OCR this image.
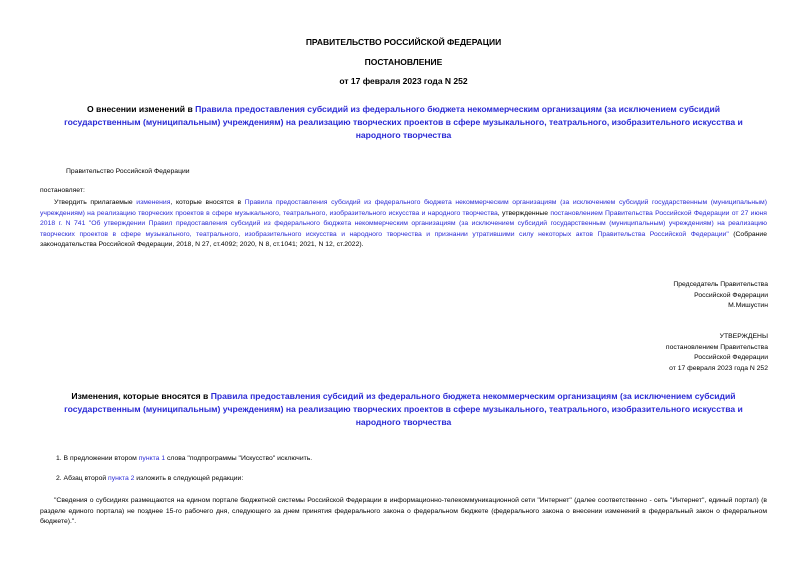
ПРАВИТЕЛЬСТВО РОССИЙСКОЙ ФЕДЕРАЦИИ
ПОСТАНОВЛЕНИЕ
от 17 февраля 2023 года N 252
О внесении изменений в Правила предоставления субсидий из федерального бюджета некоммерческим организациям (за исключением субсидий государственным (муниципальным) учреждениям) на реализацию творческих проектов в сфере музыкального, театрального, изобразительного искусства и народного творчества
Правительство Российской Федерации
постановляет:
Утвердить прилагаемые изменения, которые вносятся в Правила предоставления субсидий из федерального бюджета некоммерческим организациям (за исключением субсидий государственным (муниципальным) учреждениям) на реализацию творческих проектов в сфере музыкального, театрального, изобразительного искусства и народного творчества, утвержденные постановлением Правительства Российской Федерации от 27 июня 2018 г. N 741 "Об утверждении Правил предоставления субсидий из федерального бюджета некоммерческим организациям (за исключением субсидий государственным (муниципальным) учреждениям) на реализацию творческих проектов в сфере музыкального, театрального, изобразительного искусства и народного творчества и признании утратившими силу некоторых актов Правительства Российской Федерации" (Собрание законодательства Российской Федерации, 2018, N 27, ст.4092; 2020, N 8, ст.1041; 2021, N 12, ст.2022).
Председатель Правительства
Российской Федерации
М.Мишустин
УТВЕРЖДЕНЫ
постановлением Правительства
Российской Федерации
от 17 февраля 2023 года N 252
Изменения, которые вносятся в Правила предоставления субсидий из федерального бюджета некоммерческим организациям (за исключением субсидий государственным (муниципальным) учреждениям) на реализацию творческих проектов в сфере музыкального, театрального, изобразительного искусства и народного творчества
1. В предложении втором пункта 1 слова "подпрограммы "Искусство" исключить.
2. Абзац второй пункта 2 изложить в следующей редакции:
"Сведения о субсидиях размещаются на едином портале бюджетной системы Российской Федерации в информационно-телекоммуникационной сети "Интернет" (далее соответственно - сеть "Интернет", единый портал) (в разделе единого портала) не позднее 15-го рабочего дня, следующего за днем принятия федерального закона о федеральном бюджете (федерального закона о внесении изменений в федеральный закон о федеральном бюджете).".
